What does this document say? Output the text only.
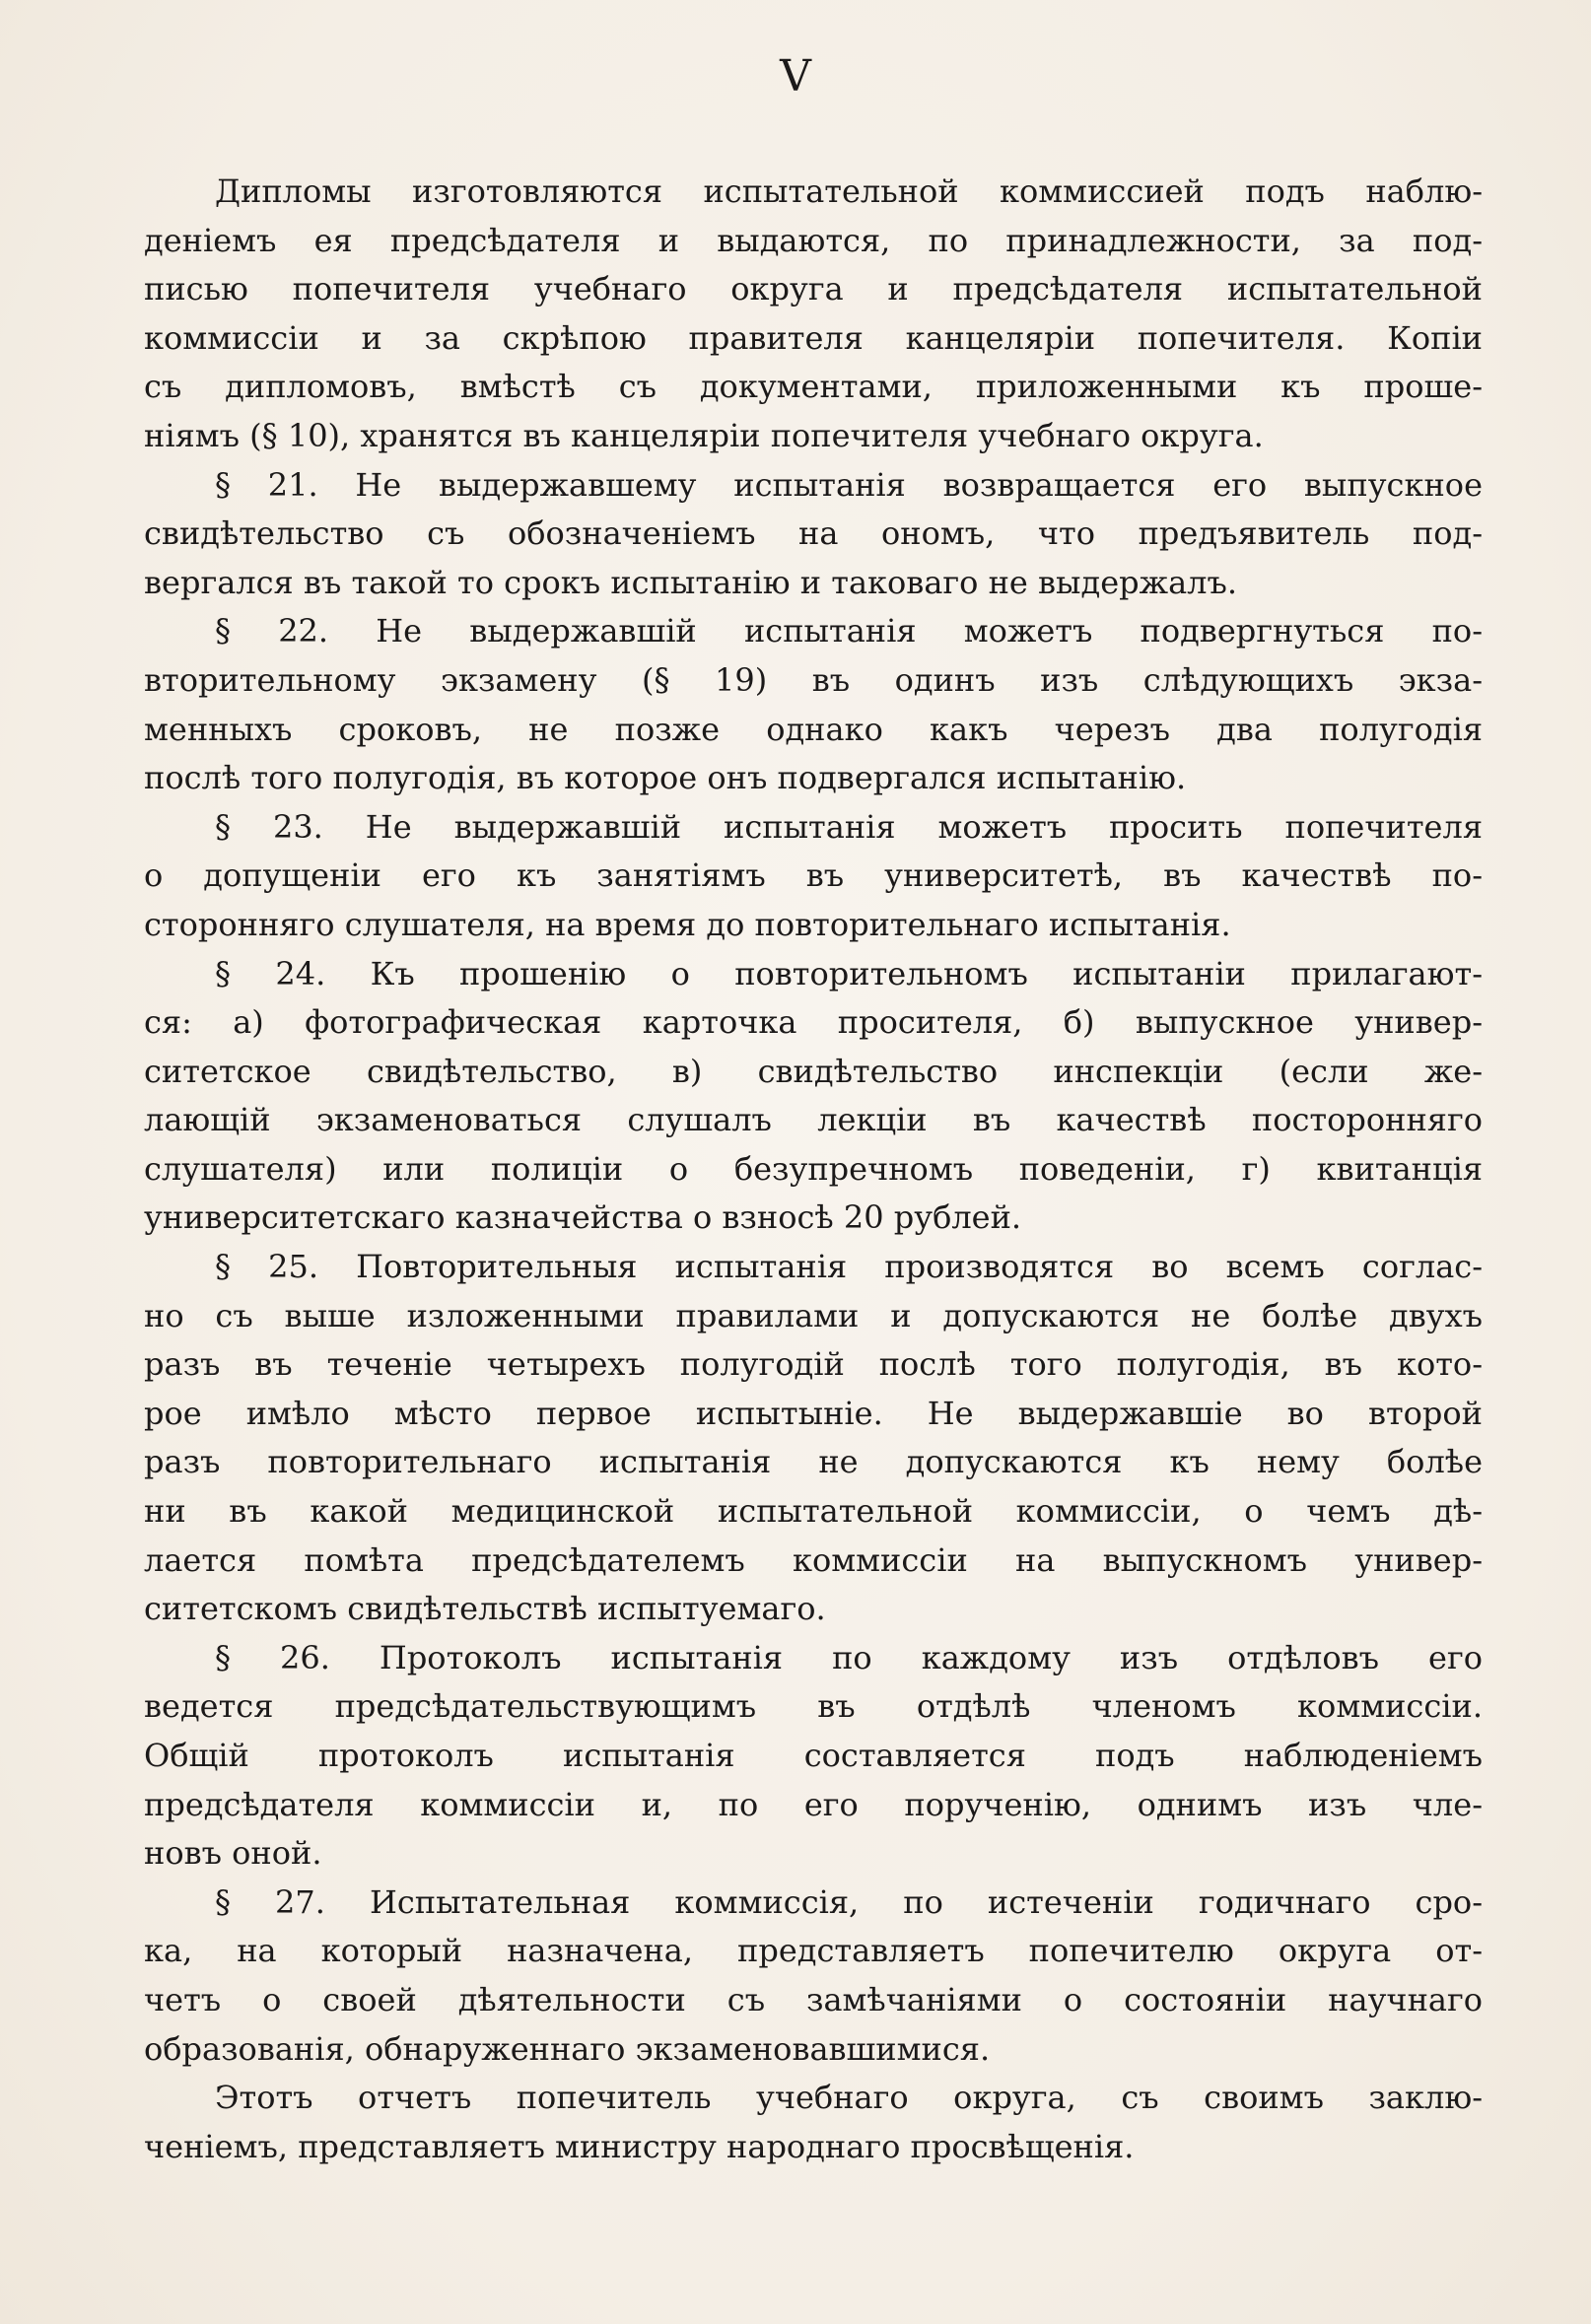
V
Дипломы изготовляются испытательной коммиссией подъ наблю-
деніемъ ея предсѣдателя и выдаются, по принадлежности, за под-
писью попечителя учебнаго округа и предсѣдателя испытательной
коммиссіи и за скрѣпою правителя канцеляріи попечителя. Копіи
съ дипломовъ, вмѣстѣ съ документами, приложенными къ проше-
ніямъ (§ 10), хранятся въ канцеляріи попечителя учебнаго округа.
§ 21. Не выдержавшему испытанія возвращается его выпускное
свидѣтельство съ обозначеніемъ на ономъ, что предъявитель под-
вергался въ такой то срокъ испытанію и таковаго не выдержалъ.
§ 22. Не выдержавшій испытанія можетъ подвергнуться по-
вторительному экзамену (§ 19) въ одинъ изъ слѣдующихъ экза-
менныхъ сроковъ, не позже однако какъ черезъ два полугодія
послѣ того полугодія, въ которое онъ подвергался испытанію.
§ 23. Не выдержавшій испытанія можетъ просить попечителя
о допущеніи его къ занятіямъ въ университетѣ, въ качествѣ по-
сторонняго слушателя, на время до повторительнаго испытанія.
§ 24. Къ прошенію о повторительномъ испытаніи прилагают-
ся: а) фотографическая карточка просителя, б) выпускное универ-
ситетское свидѣтельство, в) свидѣтельство инспекціи (если же-
лающій экзаменоваться слушалъ лекціи въ качествѣ посторонняго
слушателя) или полиціи о безупречномъ поведеніи, г) квитанція
университетскаго казначейства о взносѣ 20 рублей.
§ 25. Повторительныя испытанія производятся во всемъ соглас-
но съ выше изложенными правилами и допускаются не болѣе двухъ
разъ въ теченіе четырехъ полугодій послѣ того полугодія, въ кото-
рое имѣло мѣсто первое испытыніе. Не выдержавшіе во второй
разъ повторительнаго испытанія не допускаются къ нему болѣе
ни въ какой медицинской испытательной коммиссіи, о чемъ дѣ-
лается помѣта предсѣдателемъ коммиссіи на выпускномъ универ-
ситетскомъ свидѣтельствѣ испытуемаго.
§ 26. Протоколъ испытанія по каждому изъ отдѣловъ его
ведется предсѣдательствующимъ въ отдѣлѣ членомъ коммиссіи.
Общій протоколъ испытанія составляется подъ наблюденіемъ
предсѣдателя коммиссіи и, по его порученію, однимъ изъ чле-
новъ оной.
§ 27. Испытательная коммиссія, по истеченіи годичнаго сро-
ка, на который назначена, представляетъ попечителю округа от-
четъ о своей дѣятельности съ замѣчаніями о состояніи научнаго
образованія, обнаруженнаго экзаменовавшимися.
Этотъ отчетъ попечитель учебнаго округа, съ своимъ заклю-
ченіемъ, представляетъ министру народнаго просвѣщенія.
